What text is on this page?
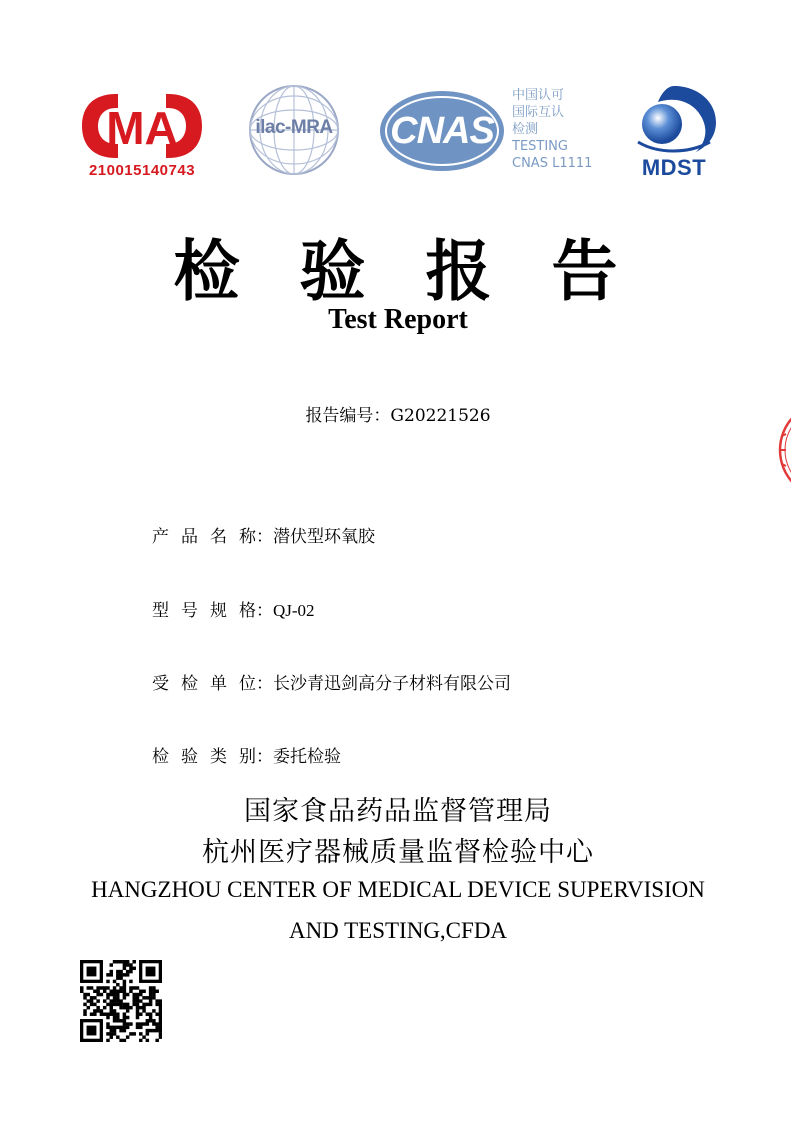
MA
210015140743
ilac-MRA	CNAS
中国认可
国际互认
检测
TESTING
CNAS L1111	MDST
检验报告
Test Report
报告编号：G20221526
产品名称：潜伏型环氧胶
型号规格：QJ-02
受检单位：长沙青迅剑高分子材料有限公司
检验类别：委托检验
国家食品药品监督管理局
杭州医疗器械质量监督检验中心
HANGZHOU CENTER OF MEDICAL DEVICE SUPERVISION
AND TESTING,CFDA
